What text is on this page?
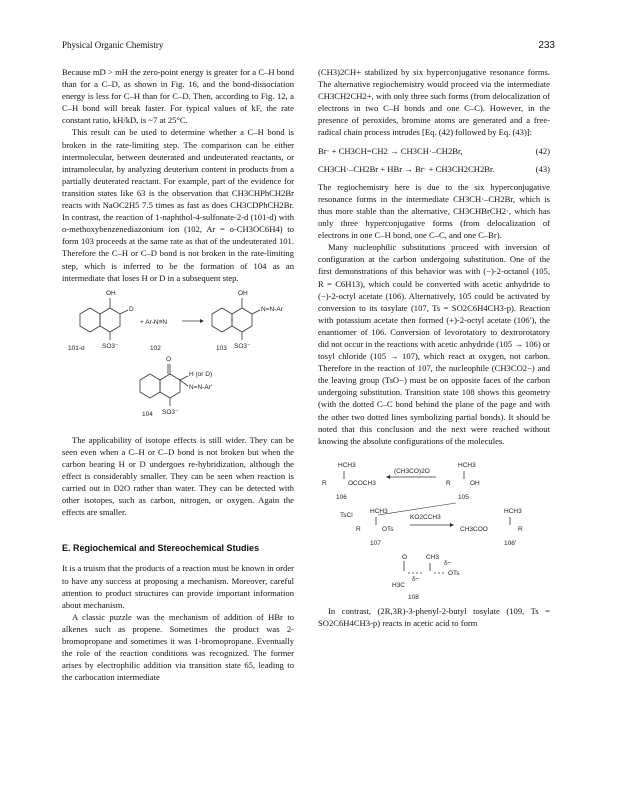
Physical Organic Chemistry	233

Because mD > mH the zero-point energy is greater for a C–H bond than for a C–D, as shown in Fig. 16, and the bond-dissociation energy is less for C–H than for C–D. Then, according to Fig. 12, a C–H bond will break faster. For typical values of kF, the rate constant ratio, kH/kD, is ~7 at 25°C.

This result can be used to determine whether a C–H bond is broken in the rate-limiting step. The comparison can be either intermolecular, between deuterated and undeuterated reactants, or intramolecular, by analyzing deuterium content in products from a partially deuterated reactant. For example, part of the evidence for transition states like 63 is the observation that CH3CHPhCH2Br reacts with NaOC2H5 7.5 times as fast as does CH3CDPhCH2Br. In contrast, the reaction of 1-naphthol-4-sulfonate-2-d (101-d) with o-methoxybenzenediazonium ion (102, Ar = o-CH3OC6H4) to form 103 proceeds at the same rate as that of the undeuterated 101. Therefore the C–H or C–D bond is not broken in the rate-limiting step, which is inferred to be the formation of 104 as an intermediate that loses H or D in a subsequent step.

OH
D
SO3⁻
101-d
+ Ar-N≡N
102
OH
N=N-Ar
SO3⁻
103
O
H (or D)
N=N-Ar′
SO3⁻
104

The applicability of isotope effects is still wider. They can be seen even when a C–H or C–D bond is not broken but when the carbon bearing H or D undergoes re-hybridization, although the effect is considerably smaller. They can be seen when reaction is carried out in D2O rather than water. They can be detected with other isotopes, such as carbon, nitrogen, or oxygen. Again the effects are smaller.

E. Regiochemical and Stereochemical Studies

It is a truism that the products of a reaction must be known in order to have any success at proposing a mechanism. Moreover, careful attention to product structures can provide important information about mechanism.

A classic puzzle was the mechanism of addition of HBr to alkenes such as propene. Sometimes the product was 2-bromopropane and sometimes it was 1-bromopropane. Eventually the role of the reaction conditions was recognized. The former arises by electrophilic addition via transition state 65, leading to the carbocation intermediate

(CH3)2CH+ stabilized by six hyperconjugative resonance forms. The alternative regiochemistry would proceed via the intermediate CH3CH2CH2+, with only three such forms (from delocalization of electrons in two C–H bonds and one C–C). However, in the presence of peroxides, bromine atoms are generated and a free-radical chain process intrudes [Eq. (42) followed by Eq. (43)]:

Br· + CH3CH=CH2 → CH3CH·–CH2Br,	(42)
CH3CH·–CH2Br + HBr → Br· + CH3CH2CH2Br.	(43)

The regiochemistry here is due to the six hyperconjugative resonance forms in the intermediate CH3CH·–CH2Br, which is thus more stable than the alternative, CH3CHBrCH2·, which has only three hyperconjugative forms (from delocalization of electrons in one C–H bond, one C–C, and one C–Br).

Many nucleophilic substitutions proceed with inversion of configuration at the carbon undergoing substitution. One of the first demonstrations of this behavior was with (−)-2-octanol (105, R = C6H13), which could be converted with acetic anhydride to (−)-2-octyl acetate (106). Alternatively, 105 could be activated by conversion to its tosylate (107, Ts = SO2C6H4CH3-p). Reaction with potassium acetate then formed (+)-2-octyl acetate (106′), the enantiomer of 106. Conversion of levorotatory to dextrorotatory did not occur in the reactions with acetic anhydride (105 → 106) or tosyl chloride (105 → 107), which react at oxygen, not carbon. Therefore in the reaction of 107, the nucleophile (CH3CO2−) and the leaving group (TsO−) must be on opposite faces of the carbon undergoing substitution. Transition state 108 shows this geometry (with the dotted C–C bond behind the plane of the page and with the other two dotted lines symbolizing partial bonds). It should be noted that this conclusion and the next were reached without knowing the absolute configurations of the molecules.

HCH3
R	OCOCH3
106
(CH3CO)2O
HCH3
R	OH
105
TsCl
HCH3
R	OTs
107
KO2CCH3
HCH3
CH3COO	R
106′
O	CH3
OTs
H3C
δ−
δ−
108

In contrast, (2R,3R)-3-phenyl-2-butyl tosylate (109, Ts = SO2C6H4CH3-p) reacts in acetic acid to form
